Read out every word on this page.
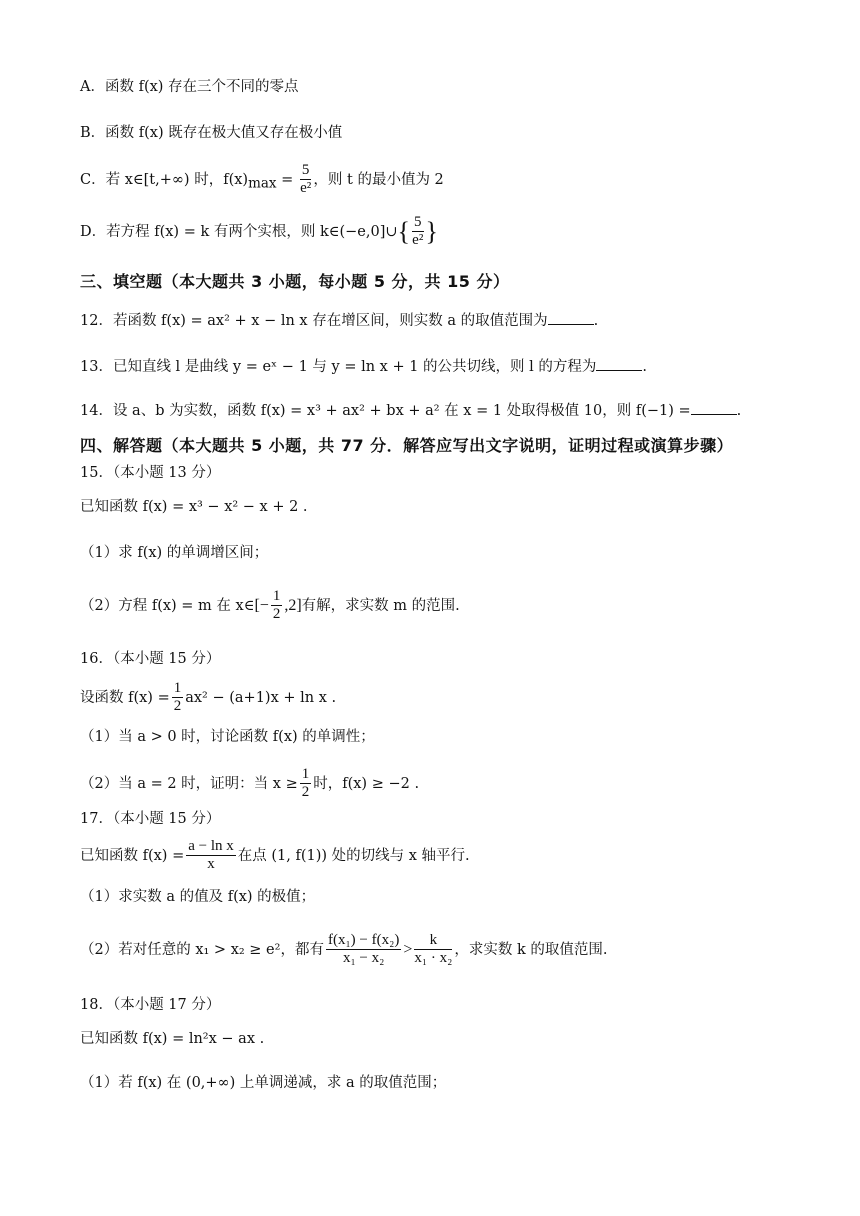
A．函数 f(x) 存在三个不同的零点
B．函数 f(x) 既存在极大值又存在极小值
C．若 x∈[t,+∞) 时，$f(x)_{max} = \frac{5}{\text{e²}}$ ，则 t 的最小值为 2
D．若方程 f(x) = k 有两个实根，则 k∈(−e,0]∪{ $\frac{5}{\text{e²}}$ }
三、填空题（本大题共 3 小题，每小题 5 分，共 15 分）
12．若函数 f(x) = ax² + x − ln x 存在增区间，则实数 a 的取值范围为	.
13．已知直线 l 是曲线 y = eˣ − 1 与 y = ln x + 1 的公共切线，则 l 的方程为	.
14．设 a、b 为实数，函数 f(x) = x³ + ax² + bx + a² 在 x = 1 处取得极值 10，则 f(−1) =	.
四、解答题（本大题共 5 小题，共 77 分．解答应写出文字说明，证明过程或演算步骤）
15．（本小题 13 分）
已知函数 f(x) = x³ − x² − x + 2 .
（1）求 f(x) 的单调增区间；
（2）方程 f(x) = m 在 x∈[− $\frac{1}{2} ,2$]有解，求实数 m 的范围.
16．（本小题 15 分）
设函数 $f(x) = \frac{1}{2} ax^2 - (a+1)x + \ln x$ .
（1）当 a > 0 时，讨论函数 f(x) 的单调性；
（2）当 a = 2 时，证明：当 $x \ge \frac{1}{2}$ 时，f(x) ≥ −2 .
17．（本小题 15 分）
已知函数 $f(x) = \frac{\text{a − ln x}}{x}$ 在点 (1, f(1)) 处的切线与 x 轴平行.
（1）求实数 a 的值及 f(x) 的极值；
（2）若对任意的 x₁ > x₂ ≥ e²，都有 $\frac{\text{f(x₁) − f(x₂)}}{\text{x₁ − x₂}} > \frac{k}{\text{x₁ · x₂}}$ ，求实数 k 的取值范围.
18．（本小题 17 分）
已知函数 f(x) = ln²x − ax .
（1）若 f(x) 在 (0,+∞) 上单调递减，求 a 的取值范围；
